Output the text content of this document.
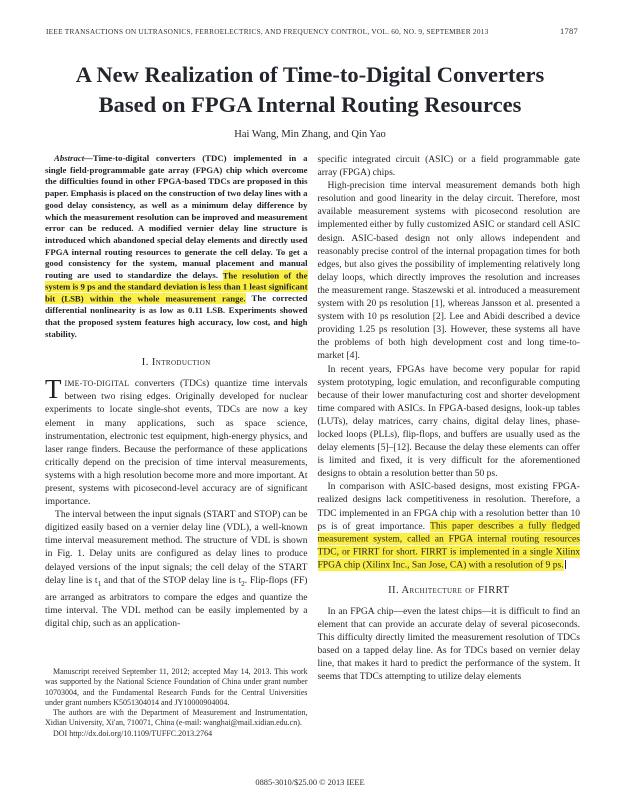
IEEE TRANSACTIONS ON ULTRASONICS, FERROELECTRICS, AND FREQUENCY CONTROL, VOL. 60, NO. 9, SEPTEMBER 2013	1787
A New Realization of Time-to-Digital Converters Based on FPGA Internal Routing Resources
Hai Wang, Min Zhang, and Qin Yao

Abstract—Time-to-digital converters (TDC) implemented in a single field-programmable gate array (FPGA) chip which overcome the difficulties found in other FPGA-based TDCs are proposed in this paper. Emphasis is placed on the construction of two delay lines with a good delay consistency, as well as a minimum delay difference by which the measurement resolution can be improved and measurement error can be reduced. A modified vernier delay line structure is introduced which abandoned special delay elements and directly used FPGA internal routing resources to generate the cell delay. To get a good consistency for the system, manual placement and manual routing are used to standardize the delays. The resolution of the system is 9 ps and the standard deviation is less than 1 least significant bit (LSB) within the whole measurement range. The corrected differential nonlinearity is as low as 0.11 LSB. Experiments showed that the proposed system features high accuracy, low cost, and high stability.

I. Introduction

TIME-TO-DIGITAL converters (TDCs) quantize time intervals between two rising edges. Originally developed for nuclear experiments to locate single-shot events, TDCs are now a key element in many applications, such as space science, instrumentation, electronic test equipment, high-energy physics, and laser range finders. Because the performance of these applications critically depend on the precision of time interval measurements, systems with a high resolution become more and more important. At present, systems with picosecond-level accuracy are of significant importance.

The interval between the input signals (START and STOP) can be digitized easily based on a vernier delay line (VDL), a well-known time interval measurement method. The structure of VDL is shown in Fig. 1. Delay units are configured as delay lines to produce delayed versions of the input signals; the cell delay of the START delay line is $t_1$ and that of the STOP delay line is $t_2$. Flip-flops (FF) are arranged as arbitrators to compare the edges and quantize the time interval. The VDL method can be easily implemented by a digital chip, such as an application-

Manuscript received September 11, 2012; accepted May 14, 2013. This work was supported by the National Science Foundation of China under grant number 10703004, and the Fundamental Research Funds for the Central Universities under grant numbers K5051304014 and JY10000904004.

The authors are with the Department of Measurement and Instrumentation, Xidian University, Xi'an, 710071, China (e-mail: wanghai@mail.xidian.edu.cn).

DOI http://dx.doi.org/10.1109/TUFFC.2013.2764

specific integrated circuit (ASIC) or a field programmable gate array (FPGA) chips.

High-precision time interval measurement demands both high resolution and good linearity in the delay circuit. Therefore, most available measurement systems with picosecond resolution are implemented either by fully customized ASIC or standard cell ASIC design. ASIC-based design not only allows independent and reasonably precise control of the internal propagation times for both edges, but also gives the possibility of implementing relatively long delay loops, which directly improves the resolution and increases the measurement range. Staszewski et al. introduced a measurement system with 20 ps resolution [1], whereas Jansson et al. presented a system with 10 ps resolution [2]. Lee and Abidi described a device providing 1.25 ps resolution [3]. However, these systems all have the problems of both high development cost and long time-to-market [4].

In recent years, FPGAs have become very popular for rapid system prototyping, logic emulation, and reconfigurable computing because of their lower manufacturing cost and shorter development time compared with ASICs. In FPGA-based designs, look-up tables (LUTs), delay matrices, carry chains, digital delay lines, phase-locked loops (PLLs), flip-flops, and buffers are usually used as the delay elements [5]–[12]. Because the delay these elements can offer is limited and fixed, it is very difficult for the aforementioned designs to obtain a resolution better than 50 ps.

In comparison with ASIC-based designs, most existing FPGA-realized designs lack competitiveness in resolution. Therefore, a TDC implemented in an FPGA chip with a resolution better than 10 ps is of great importance. This paper describes a fully fledged measurement system, called an FPGA internal routing resources TDC, or FIRRT for short. FIRRT is implemented in a single Xilinx FPGA chip (Xilinx Inc., San Jose, CA) with a resolution of 9 ps.

II. Architecture of FIRRT

In an FPGA chip—even the latest chips—it is difficult to find an element that can provide an accurate delay of several picoseconds. This difficulty directly limited the measurement resolution of TDCs based on a tapped delay line. As for TDCs based on vernier delay line, that makes it hard to predict the performance of the system. It seems that TDCs attempting to utilize delay elements

0885-3010/$25.00 © 2013 IEEE
